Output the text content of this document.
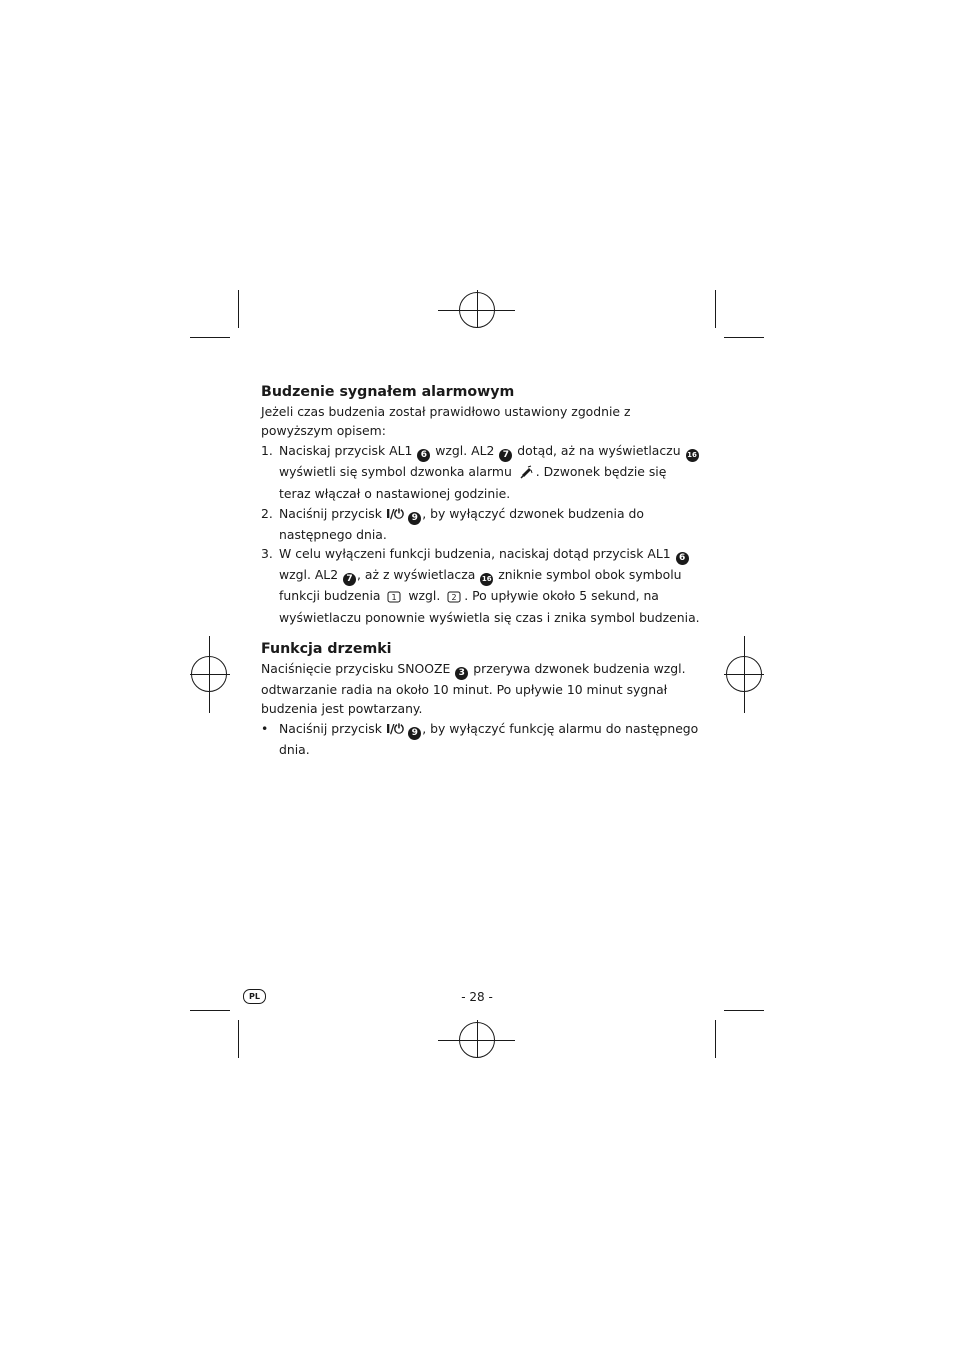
Budzenie sygnałem alarmowym

Jeżeli czas budzenia został prawidłowo ustawiony zgodnie z powyższym opisem:

1. Naciskaj przycisk AL1 6 wzgl. AL2 7 dotąd, aż na wyświetlaczu 16 wyświetli się symbol dzwonka alarmu . Dzwonek będzie się teraz włączał o nastawionej godzinie.
2. Naciśnij przycisk I/⏻ 9 , by wyłączyć dzwonek budzenia do następnego dnia.
3. W celu wyłączeni funkcji budzenia, naciskaj dotąd przycisk AL1 6 wzgl. AL2 7 , aż z wyświetlacza 16 zniknie symbol obok symbolu funkcji budzenia 1 wzgl. 2 . Po upływie około 5 sekund, na wyświetlaczu ponownie wyświetla się czas i znika symbol budzenia.
Funkcja drzemki

Naciśnięcie przycisku SNOOZE 3 przerywa dzwonek budzenia wzgl. odtwarzanie radia na około 10 minut. Po upływie 10 minut sygnał budzenia jest powtarzany.

• Naciśnij przycisk I/⏻ 9 , by wyłączyć funkcję alarmu do następnego dnia.
PL	- 28 -
